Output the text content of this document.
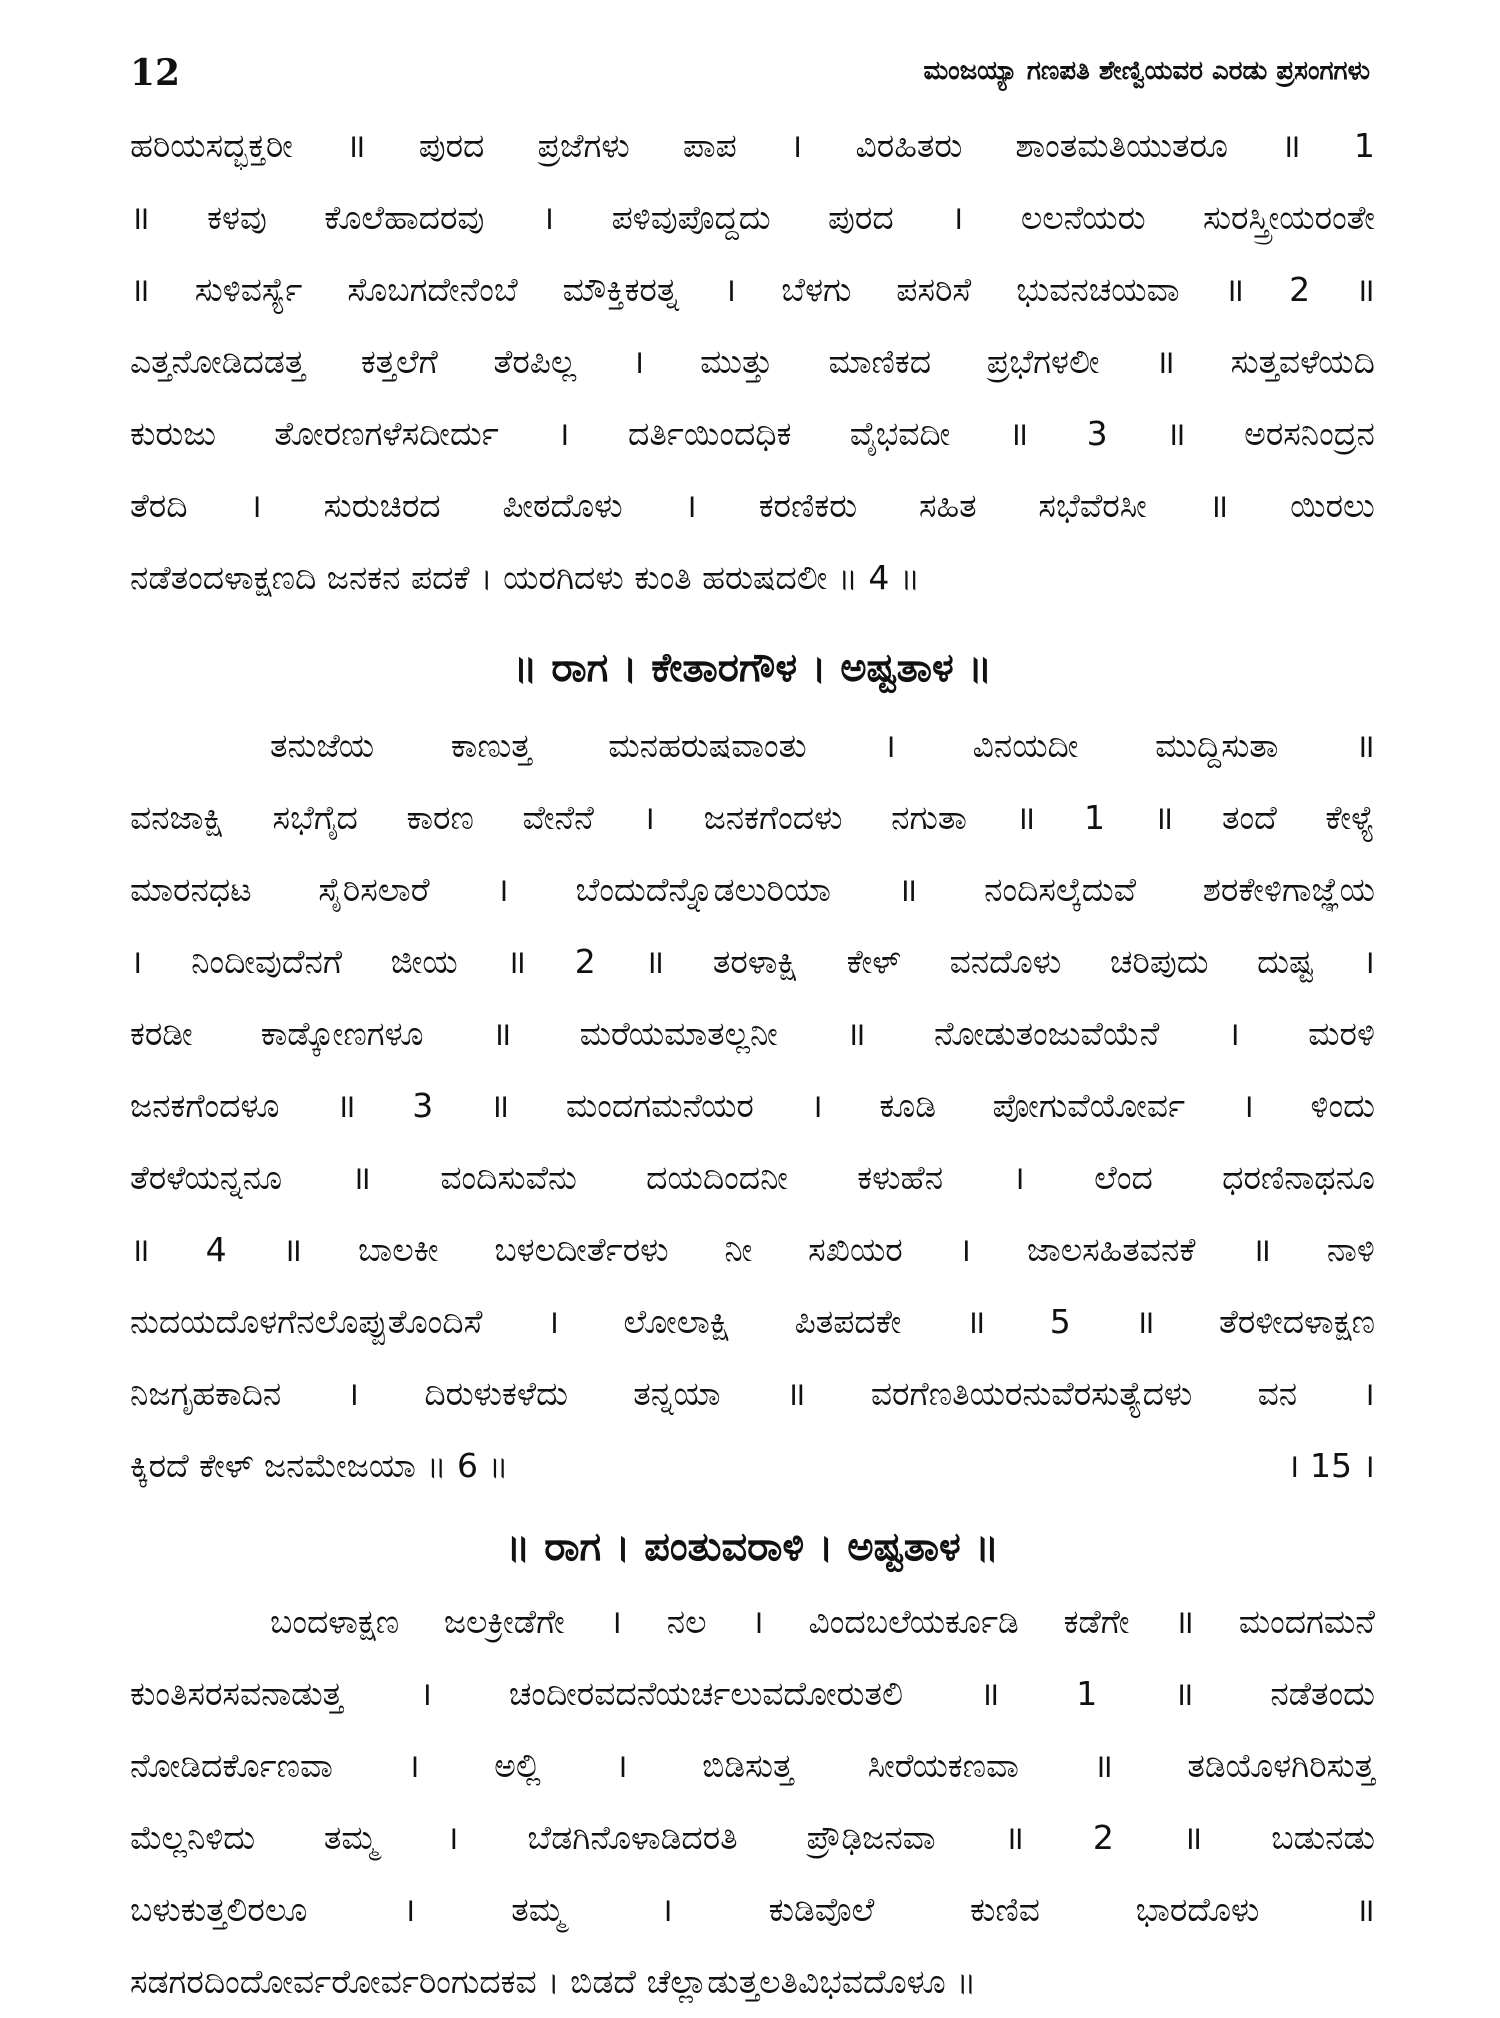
12	ಮಂಜಯ್ಯಾ ಗಣಪತಿ ಶೇಣ್ವಿಯವರ ಎರಡು ಪ್ರಸಂಗಗಳು
ಹರಿಯಸದ್ಭಕ್ತರೀ ॥ ಪುರದ ಪ್ರಜೆಗಳು ಪಾಪ । ವಿರಹಿತರು ಶಾಂತಮತಿಯುತರೂ ॥ 1
॥ ಕಳವು ಕೊಲೆಹಾದರವು । ಪಳಿವುಪೊದ್ದದು ಪುರದ । ಲಲನೆಯರು ಸುರಸ್ತ್ರೀಯರಂತೇ
॥ ಸುಳಿವರ್ಸ್ಯೆ ಸೊಬಗದೇನೆಂಬೆ ಮೌಕ್ತಿಕರತ್ನ । ಬೆಳಗು ಪಸರಿಸೆ ಭುವನಚಯವಾ ॥ 2 ॥
ಎತ್ತನೋಡಿದಡತ್ತ ಕತ್ತಲೆಗೆ ತೆರಪಿಲ್ಲ । ಮುತ್ತು ಮಾಣಿಕದ ಪ್ರಭೆಗಳಲೀ ॥ ಸುತ್ತವಳೆಯದಿ
ಕುರುಜು ತೋರಣಗಳೆಸದೀರ್ದು । ದರ್ತಿಯಿಂದಧಿಕ ವೈಭವದೀ ॥ 3 ॥ ಅರಸನಿಂದ್ರನ
ತೆರದಿ । ಸುರುಚಿರದ ಪೀಠದೊಳು । ಕರಣಿಕರು ಸಹಿತ ಸಭೆವೆರಸೀ ॥ ಯಿರಲು
ನಡೆತಂದಳಾಕ್ಷಣದಿ ಜನಕನ ಪದಕೆ । ಯರಗಿದಳು ಕುಂತಿ ಹರುಷದಲೀ ॥ 4 ॥
॥ ರಾಗ । ಕೇತಾರಗೌಳ । ಅಷ್ಟತಾಳ ॥
ತನುಜೆಯ ಕಾಣುತ್ತ ಮನಹರುಷವಾಂತು । ವಿನಯದೀ ಮುದ್ದಿಸುತಾ ॥
ವನಜಾಕ್ಷಿ ಸಭೆಗೈದ ಕಾರಣ ವೇನೆನೆ । ಜನಕಗೆಂದಳು ನಗುತಾ ॥ 1 ॥ ತಂದೆ ಕೇಳ್ಯೆ
ಮಾರನಧಟ ಸೈರಿಸಲಾರೆ । ಬೆಂದುದೆನ್ನೊಡಲುರಿಯಾ ॥ ನಂದಿಸಲ್ಕೆದುವೆ ಶರಕೇಳಿಗಾಜ್ಞೆಯ
। ನಿಂದೀವುದೆನಗೆ ಜೀಯ ॥ 2 ॥ ತರಳಾಕ್ಷಿ ಕೇಳ್ ವನದೊಳು ಚರಿಪುದು ದುಷ್ಟ ।
ಕರಡೀ ಕಾಡ್ಕೋಣಗಳೂ ॥ ಮರೆಯಮಾತಲ್ಲನೀ ॥ ನೋಡುತಂಜುವೆಯೆನೆ । ಮರಳಿ
ಜನಕಗೆಂದಳೂ ॥ 3 ॥ ಮಂದಗಮನೆಯರ । ಕೂಡಿ ಪೋಗುವೆಯೋರ್ವ । ಳಿಂದು
ತೆರಳೆಯನ್ನನೂ ॥ ವಂದಿಸುವೆನು ದಯದಿಂದನೀ ಕಳುಹೆನ । ಲೆಂದ ಧರಣಿನಾಥನೂ
॥ 4 ॥ ಬಾಲಕೀ ಬಳಲದೀರ್ತೆರಳು ನೀ ಸಖಿಯರ । ಜಾಲಸಹಿತವನಕೆ ॥ ನಾಳಿ
ನುದಯದೊಳಗೆನಲೊಪ್ಪುತೊಂದಿಸೆ । ಲೋಲಾಕ್ಷಿ ಪಿತಪದಕೇ ॥ 5 ॥ ತೆರಳೀದಳಾಕ್ಷಣ
ನಿಜಗೃಹಕಾದಿನ । ದಿರುಳುಕಳೆದು ತನ್ನಯಾ ॥ ವರಗೆಣತಿಯರನುವೆರಸುತ್ಯೆದಳು ವನ ।
ಕ್ಕಿರದೆ ಕೇಳ್ ಜನಮೇಜಯಾ ॥ 6 ॥	। 15 ।
॥ ರಾಗ । ಪಂತುವರಾಳಿ । ಅಷ್ಟತಾಳ ॥
ಬಂದಳಾಕ್ಷಣ ಜಲಕ್ರೀಡೆಗೇ । ನಲ । ವಿಂದಬಲೆಯರ್ಕೂಡಿ ಕಡೆಗೇ ॥ ಮಂದಗಮನೆ
ಕುಂತಿಸರಸವನಾಡುತ್ತ । ಚಂದೀರವದನೆಯರ್ಚಲುವದೋರುತಲಿ ॥ 1 ॥ ನಡೆತಂದು
ನೋಡಿದರ್ಕೊಣವಾ । ಅಲ್ಲಿ । ಬಿಡಿಸುತ್ತ ಸೀರೆಯಕಣವಾ ॥ ತಡಿಯೊಳಗಿರಿಸುತ್ತ
ಮೆಲ್ಲನಿಳಿದು ತಮ್ಮ । ಬೆಡಗಿನೊಳಾಡಿದರತಿ ಪ್ರೌಢಿಜನವಾ ॥ 2 ॥ ಬಡುನಡು
ಬಳುಕುತ್ತಲಿರಲೂ	।	ತಮ್ಮ	।	ಕುಡಿವೊಲೆ	ಕುಣಿವ	ಭಾರದೊಳು	॥
ಸಡಗರದಿಂದೋರ್ವರೋರ್ವರಿಂಗುದಕವ । ಬಿಡದೆ ಚೆಲ್ಲಾಡುತ್ತಲತಿವಿಭವದೊಳೂ ॥
